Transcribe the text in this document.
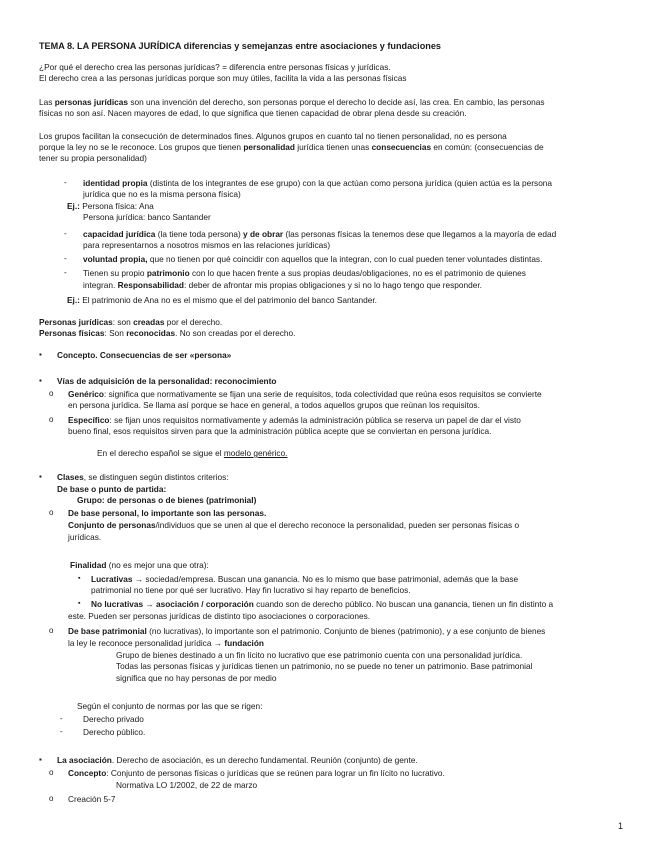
TEMA 8. LA PERSONA JURÍDICA diferencias y semejanzas entre asociaciones y fundaciones
¿Por qué el derecho crea las personas jurídicas? = diferencia entre personas físicas y jurídicas.
El derecho crea a las personas jurídicas porque son muy útiles, facilita la vida a las personas físicas
Las personas jurídicas son una invención del derecho, son personas porque el derecho lo decide así, las crea. En cambio, las personas
físicas no son así. Nacen mayores de edad, lo que significa que tienen capacidad de obrar plena desde su creación.
Los grupos facilitan la consecución de determinados fines. Algunos grupos en cuanto tal no tienen personalidad, no es persona
porque la ley no se le reconoce. Los grupos que tienen personalidad jurídica tienen unas consecuencias en común: (consecuencias de
tener su propia personalidad)
- identidad propia (distinta de los integrantes de ese grupo) con la que actúan como persona jurídica (quien actúa es la persona
jurídica que no es la misma persona física)
Ej.: Persona física: Ana
Persona jurídica: banco Santander
- capacidad jurídica (la tiene toda persona) y de obrar (las personas físicas la tenemos dese que llegamos a la mayoría de edad
para representarnos a nosotros mismos en las relaciones jurídicas)
- voluntad propia, que no tienen por qué coincidir con aquellos que la integran, con lo cual pueden tener voluntades distintas.
- Tienen su propio patrimonio con lo que hacen frente a sus propias deudas/obligaciones, no es el patrimonio de quienes
integran. Responsabilidad: deber de afrontar mis propias obligaciones y si no lo hago tengo que responder.
Ej.: El patrimonio de Ana no es el mismo que el del patrimonio del banco Santander.
Personas jurídicas: son creadas por el derecho.
Personas físicas: Son reconocidas. No son creadas por el derecho.
▪ Concepto. Consecuencias de ser «persona»
▪ Vías de adquisición de la personalidad: reconocimiento
o Genérico: significa que normativamente se fijan una serie de requisitos, toda colectividad que reúna esos requisitos se convierte
en persona jurídica. Se llama así porque se hace en general, a todos aquellos grupos que reúnan los requisitos.
o Específico: se fijan unos requisitos normativamente y además la administración pública se reserva un papel de dar el visto
bueno final, esos requisitos sirven para que la administración pública acepte que se conviertan en persona jurídica.
En el derecho español se sigue el modelo genérico.
▪ Clases, se distinguen según distintos criterios:
De base o punto de partida:
Grupo: de personas o de bienes (patrimonial)
o De base personal, lo importante son las personas.
Conjunto de personas/individuos que se unen al que el derecho reconoce la personalidad, pueden ser personas físicas o
jurídicas.
Finalidad (no es mejor una que otra):
▪ Lucrativas → sociedad/empresa. Buscan una ganancia. No es lo mismo que base patrimonial, además que la base
patrimonial no tiene por qué ser lucrativo. Hay fin lucrativo si hay reparto de beneficios.
▪ No lucrativas → asociación / corporación cuando son de derecho público. No buscan una ganancia, tienen un fin distinto a
este. Pueden ser personas jurídicas de distinto tipo asociaciones o corporaciones.
o De base patrimonial (no lucrativas), lo importante son el patrimonio. Conjunto de bienes (patrimonio), y a ese conjunto de bienes
la ley le reconoce personalidad jurídica → fundación
Grupo de bienes destinado a un fin lícito no lucrativo que ese patrimonio cuenta con una personalidad jurídica.
Todas las personas físicas y jurídicas tienen un patrimonio, no se puede no tener un patrimonio. Base patrimonial
significa que no hay personas de por medio
Según el conjunto de normas por las que se rigen:
- Derecho privado
- Derecho público.
▪ La asociación. Derecho de asociación, es un derecho fundamental. Reunión (conjunto) de gente.
o Concepto: Conjunto de personas físicas o jurídicas que se reúnen para lograr un fin lícito no lucrativo.
Normativa LO 1/2002, de 22 de marzo
o Creación 5-7
1
